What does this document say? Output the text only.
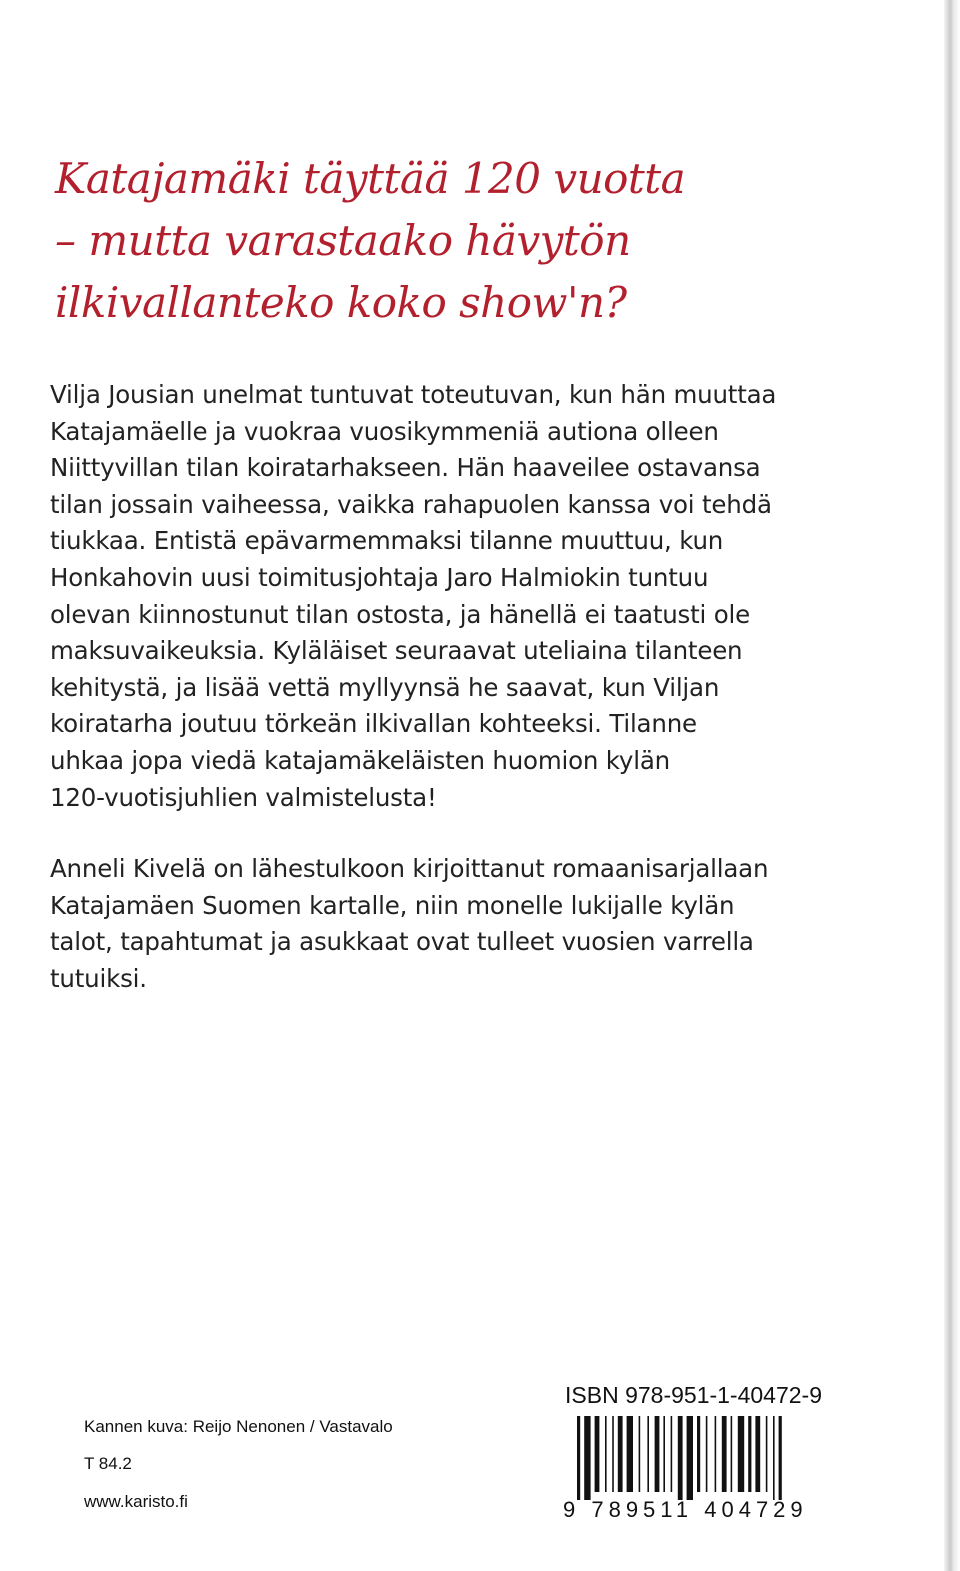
Katajamäki täyttää 120 vuotta
– mutta varastaako hävytön
ilkivallanteko koko show'n?
Vilja Jousian unelmat tuntuvat toteutuvan, kun hän muuttaa
Katajamäelle ja vuokraa vuosikymmeniä autiona olleen
Niittyvillan tilan koiratarhakseen. Hän haaveilee ostavansa
tilan jossain vaiheessa, vaikka rahapuolen kanssa voi tehdä
tiukkaa. Entistä epävarmemmaksi tilanne muuttuu, kun
Honkahovin uusi toimitusjohtaja Jaro Halmiokin tuntuu
olevan kiinnostunut tilan ostosta, ja hänellä ei taatusti ole
maksuvaikeuksia. Kyläläiset seuraavat uteliaina tilanteen
kehitystä, ja lisää vettä myllyynsä he saavat, kun Viljan
koiratarha joutuu törkeän ilkivallan kohteeksi. Tilanne
uhkaa jopa viedä katajamäkeläisten huomion kylän
120-vuotisjuhlien valmistelusta!
Anneli Kivelä on lähestulkoon kirjoittanut romaanisarjallaan
Katajamäen Suomen kartalle, niin monelle lukijalle kylän
talot, tapahtumat ja asukkaat ovat tulleet vuosien varrella
tutuiksi.
Kannen kuva: Reijo Nenonen / Vastavalo
T 84.2
www.karisto.fi
ISBN 978-951-1-40472-9
9 789511 404729
